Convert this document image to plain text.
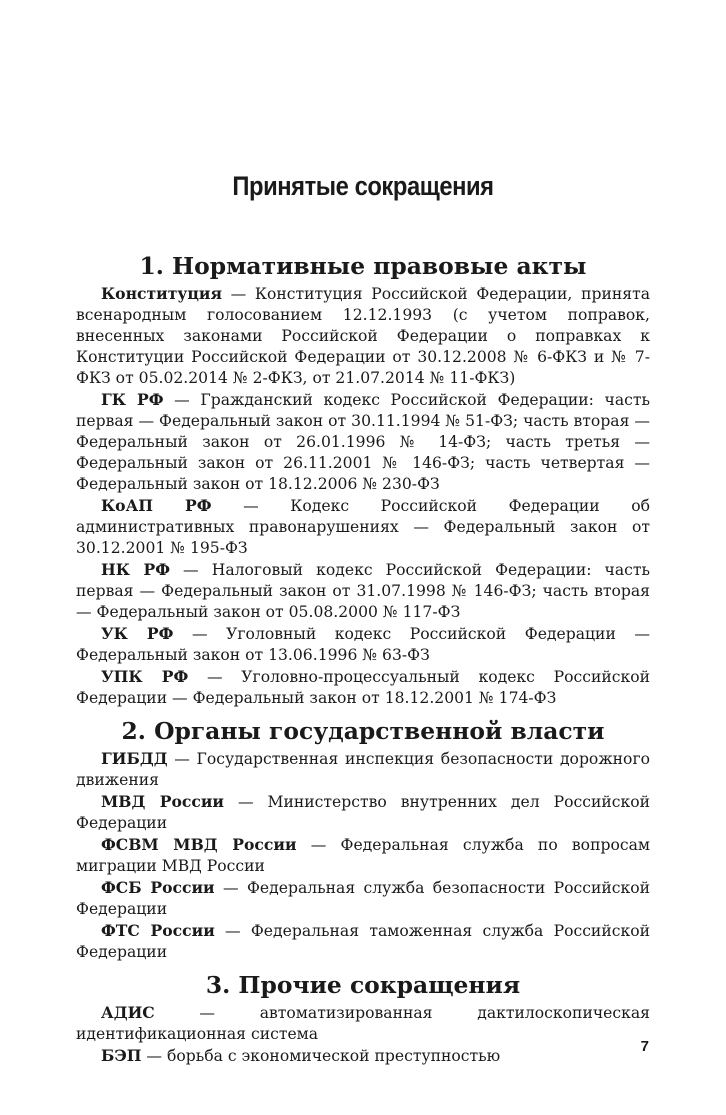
Принятые сокращения
1. Нормативные правовые акты

Конституция — Конституция Российской Федерации, принята всенародным голосованием 12.12.1993 (с учетом поправок, внесенных законами Российской Федерации о поправках к Конституции Российской Федерации от 30.12.2008 № 6-ФКЗ и № 7-ФКЗ от 05.02.2014 № 2-ФКЗ, от 21.07.2014 № 11-ФКЗ)

ГК РФ — Гражданский кодекс Российской Федерации: часть первая — Федеральный закон от 30.11.1994 № 51-ФЗ; часть вторая — Федеральный закон от 26.01.1996 № 14-ФЗ; часть третья — Федеральный закон от 26.11.2001 № 146-ФЗ; часть четвертая — Федеральный закон от 18.12.2006 № 230-ФЗ

КоАП РФ — Кодекс Российской Федерации об административных правонарушениях — Федеральный закон от 30.12.2001 № 195-ФЗ

НК РФ — Налоговый кодекс Российской Федерации: часть первая — Федеральный закон от 31.07.1998 № 146-ФЗ; часть вторая — Федеральный закон от 05.08.2000 № 117-ФЗ

УК РФ — Уголовный кодекс Российской Федерации — Федеральный закон от 13.06.1996 № 63-ФЗ

УПК РФ — Уголовно-процессуальный кодекс Российской Федерации — Федеральный закон от 18.12.2001 № 174-ФЗ

2. Органы государственной власти

ГИБДД — Государственная инспекция безопасности дорожного движения

МВД России — Министерство внутренних дел Российской Федерации

ФСВМ МВД России — Федеральная служба по вопросам миграции МВД России

ФСБ России — Федеральная служба безопасности Российской Федерации

ФТС России — Федеральная таможенная служба Российской Федерации

3. Прочие сокращения

АДИС — автоматизированная дактилоскопическая идентификационная система

БЭП — борьба с экономической преступностью

7
